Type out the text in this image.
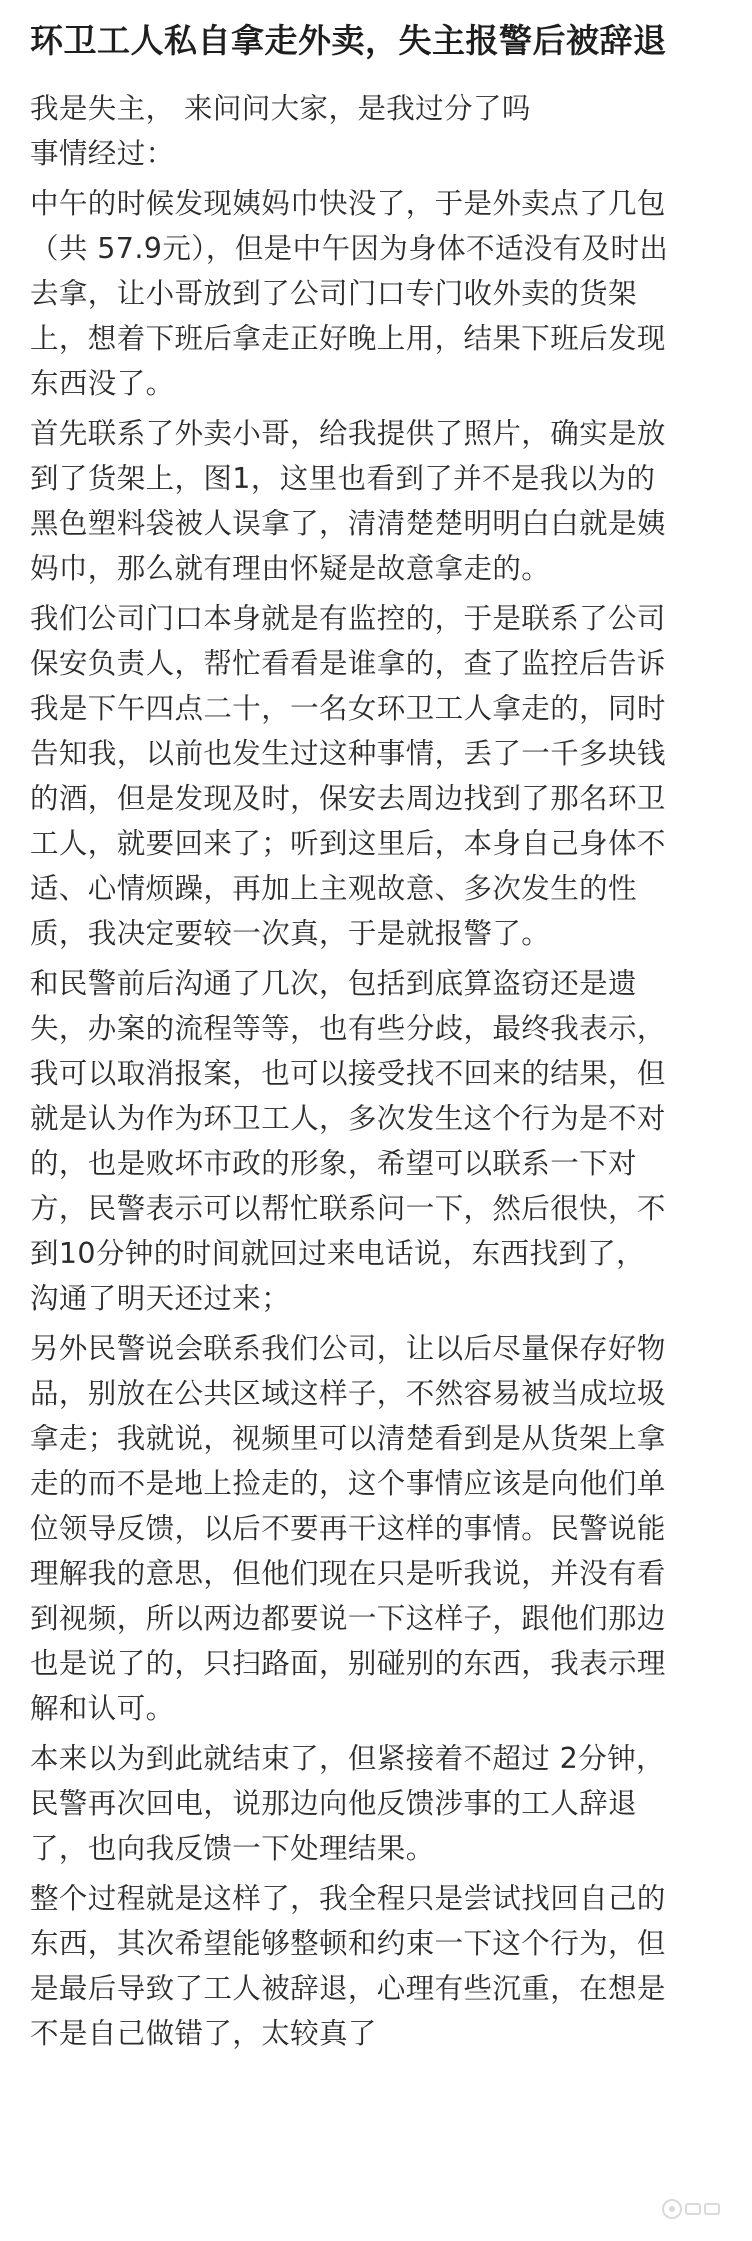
环卫工人私自拿走外卖，失主报警后被辞退
我是失主， 来问问大家，是我过分了吗
事情经过：
中午的时候发现姨妈巾快没了，于是外卖点了几包
（共 57.9元），但是中午因为身体不适没有及时出
去拿，让小哥放到了公司门口专门收外卖的货架
上，想着下班后拿走正好晚上用，结果下班后发现
东西没了。
首先联系了外卖小哥，给我提供了照片，确实是放
到了货架上，图1，这里也看到了并不是我以为的
黑色塑料袋被人误拿了，清清楚楚明明白白就是姨
妈巾，那么就有理由怀疑是故意拿走的。
我们公司门口本身就是有监控的，于是联系了公司
保安负责人，帮忙看看是谁拿的，查了监控后告诉
我是下午四点二十，一名女环卫工人拿走的，同时
告知我，以前也发生过这种事情，丢了一千多块钱
的酒，但是发现及时，保安去周边找到了那名环卫
工人，就要回来了；听到这里后，本身自己身体不
适、心情烦躁，再加上主观故意、多次发生的性
质，我决定要较一次真，于是就报警了。
和民警前后沟通了几次，包括到底算盗窃还是遗
失，办案的流程等等，也有些分歧，最终我表示，
我可以取消报案，也可以接受找不回来的结果，但
就是认为作为环卫工人，多次发生这个行为是不对
的，也是败坏市政的形象，希望可以联系一下对
方，民警表示可以帮忙联系问一下，然后很快，不
到10分钟的时间就回过来电话说，东西找到了，
沟通了明天还过来；
另外民警说会联系我们公司，让以后尽量保存好物
品，别放在公共区域这样子，不然容易被当成垃圾
拿走；我就说，视频里可以清楚看到是从货架上拿
走的而不是地上捡走的，这个事情应该是向他们单
位领导反馈，以后不要再干这样的事情。民警说能
理解我的意思，但他们现在只是听我说，并没有看
到视频，所以两边都要说一下这样子，跟他们那边
也是说了的，只扫路面，别碰别的东西，我表示理
解和认可。
本来以为到此就结束了，但紧接着不超过 2分钟，
民警再次回电，说那边向他反馈涉事的工人辞退
了，也向我反馈一下处理结果。
整个过程就是这样了，我全程只是尝试找回自己的
东西，其次希望能够整顿和约束一下这个行为，但
是最后导致了工人被辞退，心理有些沉重，在想是
不是自己做错了，太较真了
